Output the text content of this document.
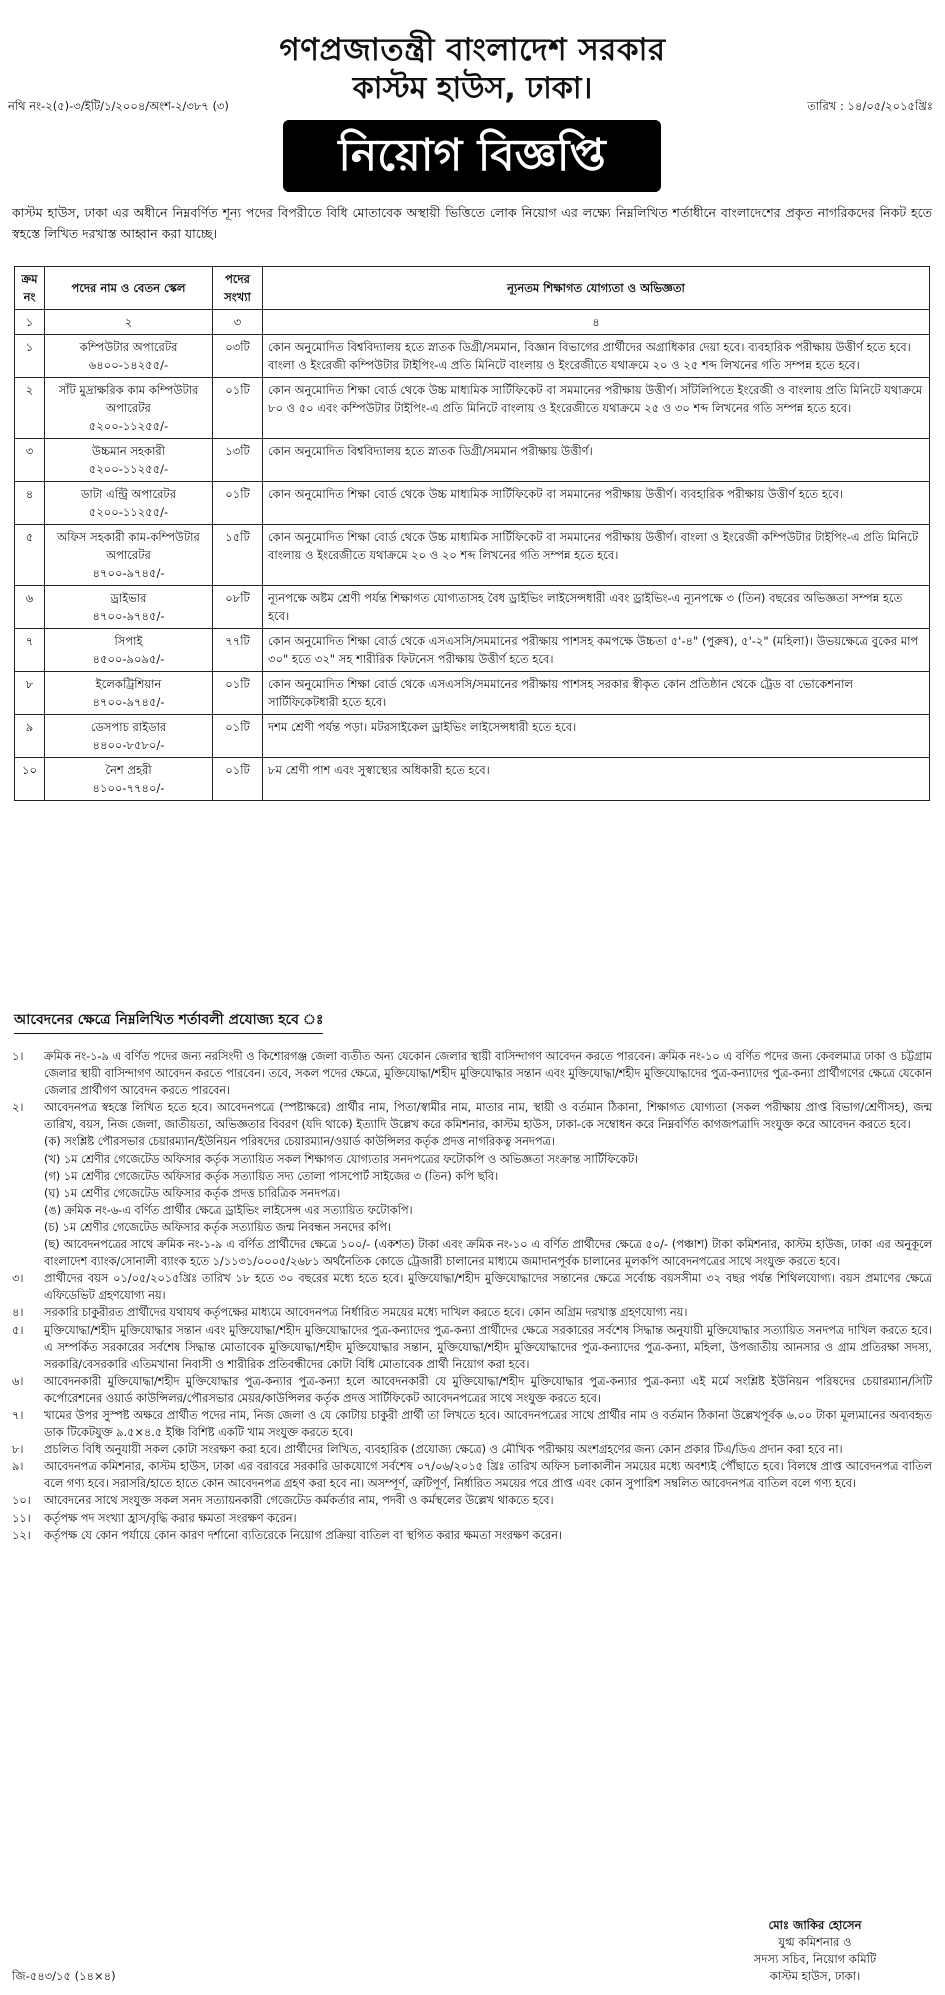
গণপ্রজাতন্ত্রী বাংলাদেশ সরকার
কাস্টম হাউস, ঢাকা।
নথি নং-২(৫)-৩/ইটি/১/২০০৪/অংশ-২/৩৮৭ (৩)	তারিখ : ১৪/০৫/২০১৫খ্রিঃ
নিয়োগ বিজ্ঞপ্তি
কাস্টম হাউস, ঢাকা এর অধীনে নিম্নবর্ণিত শূন্য পদের বিপরীতে বিধি মোতাবেক অস্থায়ী ভিত্তিতে লোক নিয়োগ এর লক্ষ্যে নিম্নলিখিত শর্তাধীনে বাংলাদেশের প্রকৃত নাগরিকদের নিকট হতে স্বহস্তে লিখিত দরখাস্ত আহ্বান করা যাচ্ছে।
ক্রম নং	পদের নাম ও বেতন স্কেল	পদের সংখ্যা	ন্যূনতম শিক্ষাগত যোগ্যতা ও অভিজ্ঞতা
১	২	৩	৪
১	কম্পিউটার অপারেটর
৬৪০০-১৪২৫৫/-	০৩টি	কোন অনুমোদিত বিশ্ববিদ্যালয় হতে স্নাতক ডিগ্রী/সমমান, বিজ্ঞান বিভাগের প্রার্থীদের অগ্রাধিকার দেয়া হবে। ব্যবহারিক পরীক্ষায় উত্তীর্ণ হতে হবে। বাংলা ও ইংরেজী কম্পিউটার টাইপিং-এ প্রতি মিনিটে বাংলায় ও ইংরেজীতে যথাক্রমে ২০ ও ২৫ শব্দ লিখনের গতি সম্পন্ন হতে হবে।
২	সাঁট মুদ্রাক্ষরিক কাম কম্পিউটার অপারেটর
৫২০০-১১২৫৫/-	০১টি	কোন অনুমোদিত শিক্ষা বোর্ড থেকে উচ্চ মাধ্যমিক সার্টিফিকেট বা সমমানের পরীক্ষায় উত্তীর্ণ। সাঁটলিপিতে ইংরেজী ও বাংলায় প্রতি মিনিটে যথাক্রমে ৮০ ও ৫০ এবং কম্পিউটার টাইপিং-এ প্রতি মিনিটে বাংলায় ও ইংরেজীতে যথাক্রমে ২৫ ও ৩০ শব্দ লিখনের গতি সম্পন্ন হতে হবে।
৩	উচ্চমান সহকারী
৫২০০-১১২৫৫/-	১৩টি	কোন অনুমোদিত বিশ্ববিদ্যালয় হতে স্নাতক ডিগ্রী/সমমান পরীক্ষায় উত্তীর্ণ।
৪	ডাটা এন্ট্রি অপারেটর
৫২০০-১১২৫৫/-	০১টি	কোন অনুমোদিত শিক্ষা বোর্ড থেকে উচ্চ মাধ্যমিক সার্টিফিকেট বা সমমানের পরীক্ষায় উত্তীর্ণ। ব্যবহারিক পরীক্ষায় উত্তীর্ণ হতে হবে।
৫	অফিস সহকারী কাম-কম্পিউটার অপারেটর
৪৭০০-৯৭৪৫/-	১৫টি	কোন অনুমোদিত শিক্ষা বোর্ড থেকে উচ্চ মাধ্যমিক সার্টিফিকেট বা সমমানের পরীক্ষায় উত্তীর্ণ। বাংলা ও ইংরেজী কম্পিউটার টাইপিং-এ প্রতি মিনিটে বাংলায় ও ইংরেজীতে যথাক্রমে ২০ ও ২০ শব্দ লিখনের গতি সম্পন্ন হতে হবে।
৬	ড্রাইভার
৪৭০০-৯৭৪৫/-	০৮টি	ন্যূনপক্ষে অষ্টম শ্রেণী পর্যন্ত শিক্ষাগত যোগ্যতাসহ বৈধ ড্রাইভিং লাইসেন্সধারী এবং ড্রাইভিং-এ ন্যূনপক্ষে ৩ (তিন) বছরের অভিজ্ঞতা সম্পন্ন হতে হবে।
৭	সিপাই
৪৫০০-৯০৯৫/-	৭৭টি	কোন অনুমোদিত শিক্ষা বোর্ড থেকে এসএসসি/সমমানের পরীক্ষায় পাশসহ কমপক্ষে উচ্চতা ৫'-৪" (পুরুষ), ৫'-২" (মহিলা)। উভয়ক্ষেত্রে বুকের মাপ ৩০" হতে ৩২" সহ শারীরিক ফিটনেস পরীক্ষায় উত্তীর্ণ হতে হবে।
৮	ইলেকট্রিশিয়ান
৪৭০০-৯৭৪৫/-	০১টি	কোন অনুমোদিত শিক্ষা বোর্ড থেকে এসএসসি/সমমানের পরীক্ষায় পাশসহ সরকার স্বীকৃত কোন প্রতিষ্ঠান থেকে ট্রেড বা ভোকেশনাল সার্টিফিকেটধারী হতে হবে।
৯	ডেসপাচ রাইডার
৪৪০০-৮৫৮০/-	০১টি	দশম শ্রেণী পর্যন্ত পড়া। মটরসাইকেল ড্রাইভিং লাইসেন্সধারী হতে হবে।
১০	নৈশ প্রহরী
৪১০০-৭৭৪০/-	০১টি	৮ম শ্রেণী পাশ এবং সুস্বাস্থ্যের অধিকারী হতে হবে।
আবেদনের ক্ষেত্রে নিম্নলিখিত শর্তাবলী প্রযোজ্য হবে ঃ
১।	ক্রমিক নং-১-৯ এ বর্ণিত পদের জন্য নরসিংদী ও কিশোরগঞ্জ জেলা ব্যতীত অন্য যেকোন জেলার স্থায়ী বাসিন্দাগণ আবেদন করতে পারবেন। ক্রমিক নং-১০ এ বর্ণিত পদের জন্য কেবলমাত্র ঢাকা ও চট্টগ্রাম জেলার স্থায়ী বাসিন্দাগণ আবেদন করতে পারবেন। তবে, সকল পদের ক্ষেত্রে, মুক্তিযোদ্ধা/শহীদ মুক্তিযোদ্ধার সন্তান এবং মুক্তিযোদ্ধা/শহীদ মুক্তিযোদ্ধাদের পুত্র-কন্যাদের পুত্র-কন্যা প্রার্থীগণের ক্ষেত্রে যেকোন জেলার প্রার্থীগণ আবেদন করতে পারবেন।
২।	আবেদনপত্র স্বহস্তে লিখিত হতে হবে। আবেদনপত্রে (স্পষ্টাক্ষরে) প্রার্থীর নাম, পিতা/স্বামীর নাম, মাতার নাম, স্থায়ী ও বর্তমান ঠিকানা, শিক্ষাগত যোগ্যতা (সকল পরীক্ষায় প্রাপ্ত বিভাগ/শ্রেণীসহ), জন্ম তারিখ, বয়স, নিজ জেলা, জাতীয়তা, অভিজ্ঞতার বিবরণ (যদি থাকে) ইত্যাদি উল্লেখ করে কমিশনার, কাস্টম হাউস, ঢাকা-কে সম্বোধন করে নিম্নবর্ণিত কাগজপত্রাদি সংযুক্ত করে আবেদন করতে হবে।
(ক) সংশ্লিষ্ট পৌরসভার চেয়ারম্যান/ইউনিয়ন পরিষদের চেয়ারম্যান/ওয়ার্ড কাউন্সিলর কর্তৃক প্রদত্ত নাগরিকত্ব সনদপত্র।
(খ) ১ম শ্রেণীর গেজেটেড অফিসার কর্তৃক সত্যায়িত সকল শিক্ষাগত যোগ্যতার সনদপত্রের ফটোকপি ও অভিজ্ঞতা সংক্রান্ত সার্টিফিকেট।
(গ) ১ম শ্রেণীর গেজেটেড অফিসার কর্তৃক সত্যায়িত সদ্য তোলা পাসপোর্ট সাইজের ৩ (তিন) কপি ছবি।
(ঘ) ১ম শ্রেণীর গেজেটেড অফিসার কর্তৃক প্রদত্ত চারিত্রিক সনদপত্র।
(ঙ) ক্রমিক নং-৬-এ বর্ণিত প্রার্থীর ক্ষেত্রে ড্রাইভিং লাইসেন্স এর সত্যায়িত ফটোকপি।
(চ) ১ম শ্রেণীর গেজেটেড অফিসার কর্তৃক সত্যায়িত জন্ম নিবন্ধন সনদের কপি।
(ছ) আবেদনপত্রের সাথে ক্রমিক নং-১-৯ এ বর্ণিত প্রার্থীদের ক্ষেত্রে ১০০/- (একশত) টাকা এবং ক্রমিক নং-১০ এ বর্ণিত প্রার্থীদের ক্ষেত্রে ৫০/- (পঞ্চাশ) টাকা কমিশনার, কাস্টম হাউজ, ঢাকা এর অনুকূলে বাংলাদেশ ব্যাংক/সোনালী ব্যাংক হতে ১/১১৩১/০০০৫/২৬৮১ অর্থনৈতিক কোডে ট্রেজারী চালানের মাধ্যমে জমাদানপূর্বক চালানের মূলকপি আবেদনপত্রের সাথে সংযুক্ত করতে হবে।
৩।	প্রার্থীদের বয়স ০১/০৫/২০১৫খ্রিঃ তারিখ ১৮ হতে ৩০ বছরের মধ্যে হতে হবে। মুক্তিযোদ্ধা/শহীদ মুক্তিযোদ্ধাদের সন্তানের ক্ষেত্রে সর্বোচ্চ বয়সসীমা ৩২ বছর পর্যন্ত শিথিলযোগ্য। বয়স প্রমাণের ক্ষেত্রে এফিডেভিট গ্রহণযোগ্য নয়।
৪।	সরকারি চাকুরীরত প্রার্থীদের যথাযথ কর্তৃপক্ষের মাধ্যমে আবেদনপত্র নির্ধারিত সময়ের মধ্যে দাখিল করতে হবে। কোন অগ্রিম দরখাস্ত গ্রহণযোগ্য নয়।
৫।	মুক্তিযোদ্ধা/শহীদ মুক্তিযোদ্ধার সন্তান এবং মুক্তিযোদ্ধা/শহীদ মুক্তিযোদ্ধাদের পুত্র-কন্যাদের পুত্র-কন্যা প্রার্থীদের ক্ষেত্রে সরকারের সর্বশেষ সিদ্ধান্ত অনুযায়ী মুক্তিযোদ্ধার সত্যায়িত সনদপত্র দাখিল করতে হবে। এ সম্পর্কিত সরকারের সর্বশেষ সিদ্ধান্ত মোতাবেক মুক্তিযোদ্ধা/শহীদ মুক্তিযোদ্ধার সন্তান, মুক্তিযোদ্ধা/শহীদ মুক্তিযোদ্ধাদের পুত্র-কন্যাদের পুত্র-কন্যা, মহিলা, উপজাতীয় আনসার ও গ্রাম প্রতিরক্ষা সদস্য, সরকারি/বেসরকারি এতিমখানা নিবাসী ও শারীরিক প্রতিবন্ধীদের কোটা বিধি মোতাবেক প্রার্থী নিয়োগ করা হবে।
৬।	আবেদনকারী মুক্তিযোদ্ধা/শহীদ মুক্তিযোদ্ধার পুত্র-কন্যার পুত্র-কন্যা হলে আবেদনকারী যে মুক্তিযোদ্ধা/শহীদ মুক্তিযোদ্ধার পুত্র-কন্যার পুত্র-কন্যা এই মর্মে সংশ্লিষ্ট ইউনিয়ন পরিষদের চেয়ারম্যান/সিটি কর্পোরেশনের ওয়ার্ড কাউন্সিলর/পৌরসভার মেয়র/কাউন্সিলর কর্তৃক প্রদত্ত সার্টিফিকেট আবেদনপত্রের সাথে সংযুক্ত করতে হবে।
৭।	খামের উপর সুস্পষ্ট অক্ষরে প্রার্থীত পদের নাম, নিজ জেলা ও যে কোটায় চাকুরী প্রার্থী তা লিখতে হবে। আবেদনপত্রের সাথে প্রার্থীর নাম ও বর্তমান ঠিকানা উল্লেখপূর্বক ৬.০০ টাকা মূল্যমানের অব্যবহৃত ডাক টিকেটযুক্ত ৯.৫×৪.৫ ইঞ্চি বিশিষ্ট একটি খাম সংযুক্ত করতে হবে।
৮।	প্রচলিত বিধি অনুযায়ী সকল কোটা সংরক্ষণ করা হবে। প্রার্থীদের লিখিত, ব্যবহারিক (প্রযোজ্য ক্ষেত্রে) ও মৌখিক পরীক্ষায় অংশগ্রহণের জন্য কোন প্রকার টিএ/ডিএ প্রদান করা হবে না।
৯।	আবেদনপত্র কমিশনার, কাস্টম হাউস, ঢাকা এর বরাবরে সরকারি ডাকযোগে সর্বশেষ ০৭/০৬/২০১৫ খ্রিঃ তারিখ অফিস চলাকালীন সময়ের মধ্যে অবশ্যই পৌঁছাতে হবে। বিলম্বে প্রাপ্ত আবেদনপত্র বাতিল বলে গণ্য হবে। সরাসরি/হাতে হাতে কোন আবেদনপত্র গ্রহণ করা হবে না। অসম্পূর্ণ, ত্রুটিপূর্ণ, নির্ধারিত সময়ের পরে প্রাপ্ত এবং কোন সুপারিশ সম্বলিত আবেদনপত্র বাতিল বলে গণ্য হবে।
১০।	আবেদনের সাথে সংযুক্ত সকল সনদ সত্যায়নকারী গেজেটেড কর্মকর্তার নাম, পদবী ও কর্মস্থলের উল্লেখ থাকতে হবে।
১১।	কর্তৃপক্ষ পদ সংখ্যা হ্রাস/বৃদ্ধি করার ক্ষমতা সংরক্ষণ করেন।
১২।	কর্তৃপক্ষ যে কোন পর্যায়ে কোন কারণ দর্শানো ব্যতিরেকে নিয়োগ প্রক্রিয়া বাতিল বা স্থগিত করার ক্ষমতা সংরক্ষণ করেন।
মোঃ জাকির হোসেন
যুগ্ম কমিশনার ও
সদস্য সচিব, নিয়োগ কমিটি
কাস্টম হাউস, ঢাকা।
জি-৫৪৩/১৫ (১৪×৪)
